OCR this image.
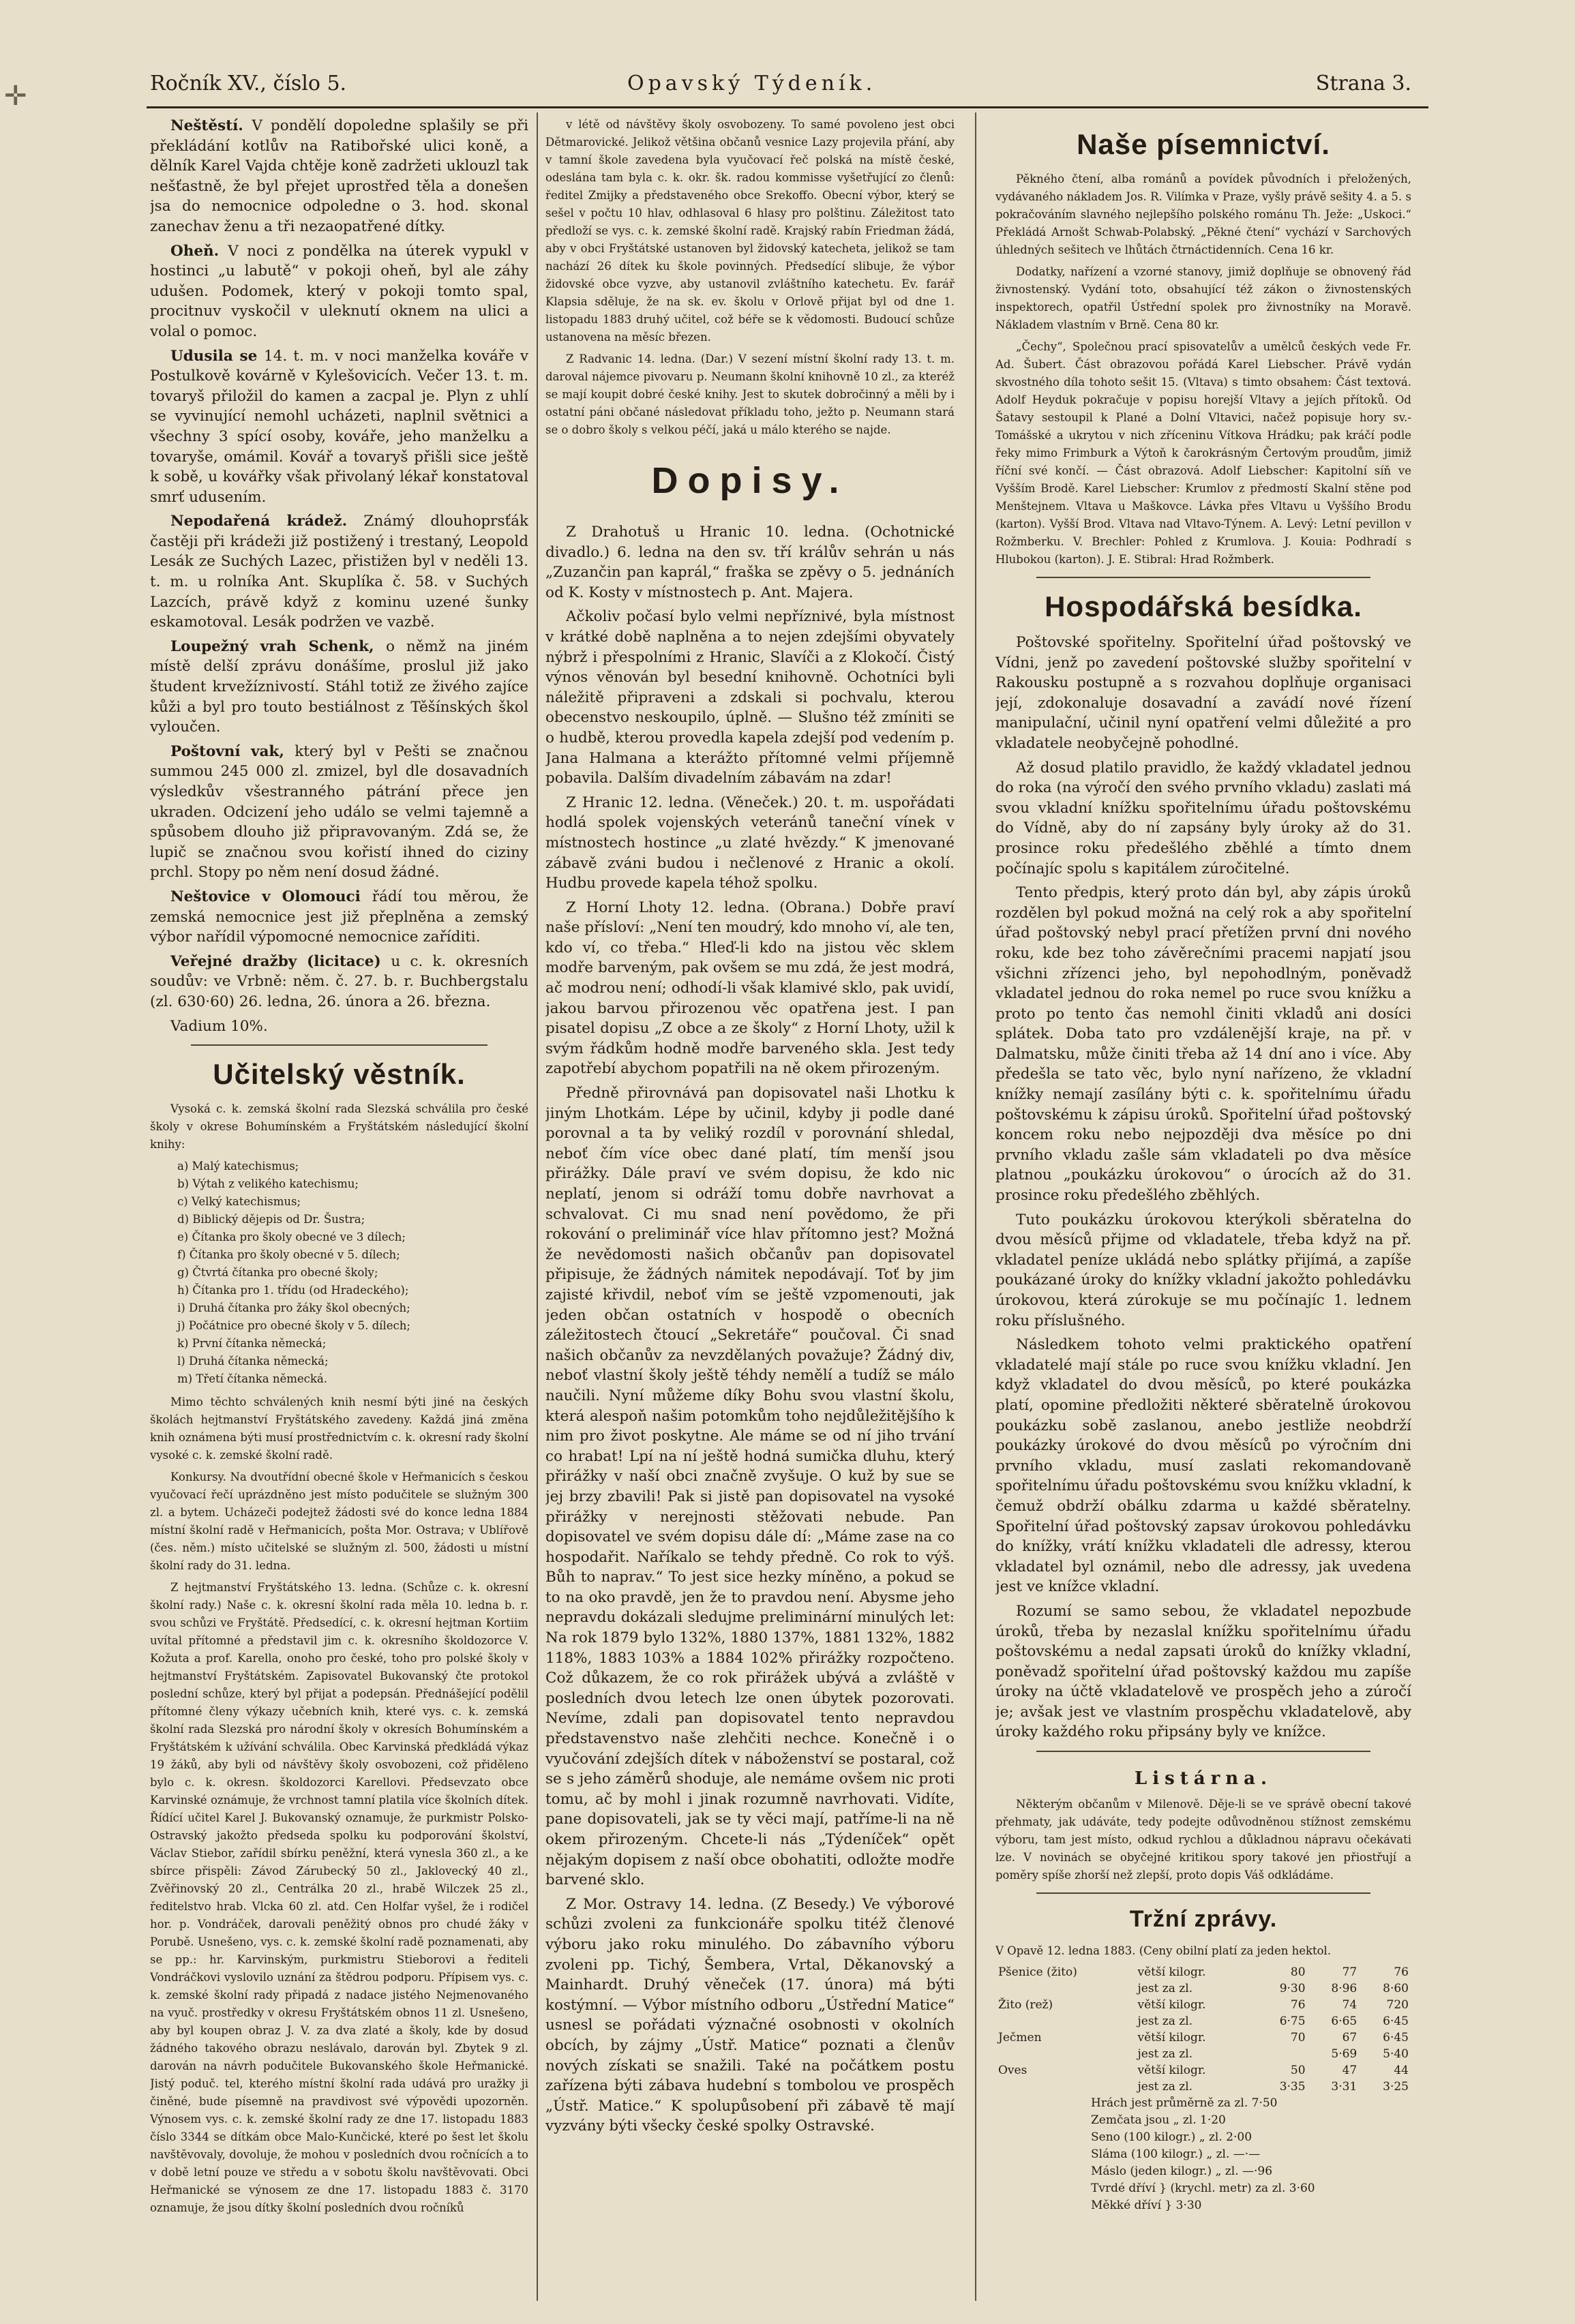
✛	Ročník XV., číslo 5.	Opavský Týdeník.	Strana 3.

Neštěstí. V pondělí dopoledne splašily se při překládání kotlův na Ratibořské ulici koně, a dělník Karel Vajda chtěje koně zadržeti uklouzl tak nešťastně, že byl přejet uprostřed těla a donešen jsa do nemocnice odpoledne o 3. hod. skonal zanechav ženu a tři nezaopatřené dítky.

Oheň. V noci z pondělka na úterek vypukl v hostinci „u labutě“ v pokoji oheň, byl ale záhy udušen. Podomek, který v pokoji tomto spal, procitnuv vyskočil v uleknutí oknem na ulici a volal o pomoc.

Udusila se 14. t. m. v noci manželka kováře v Postulkově kovárně v Kylešovicích. Večer 13. t. m. tovaryš přiložil do kamen a zacpal je. Plyn z uhlí se vyvinující nemohl ucházeti, naplnil světnici a všechny 3 spící osoby, kováře, jeho manželku a tovaryše, omámil. Kovář a tovaryš přišli sice ještě k sobě, u kovářky však přivolaný lékař konstatoval smrť udusením.

Nepodařená krádež. Známý dlouhoprsťák častěji při krádeži již postižený i trestaný, Leopold Lesák ze Suchých Lazec, přistižen byl v neděli 13. t. m. u rolníka Ant. Skuplíka č. 58. v Suchých Lazcích, právě když z kominu uzené šunky eskamotoval. Lesák podržen ve vazbě.

Loupežný vrah Schenk, o němž na jiném místě delší zprávu donášíme, proslul již jako študent krvežíznivostí. Stáhl totiž ze živého zajíce kůži a byl pro touto bestiálnost z Těšínských škol vyloučen.

Poštovní vak, který byl v Pešti se značnou summou 245 000 zl. zmizel, byl dle dosavadních výsledkův všestranného pátrání přece jen ukraden. Odcizení jeho událo se velmi tajemně a spůsobem dlouho již připravovaným. Zdá se, že lupič se značnou svou kořistí ihned do ciziny prchl. Stopy po něm není dosud žádné.

Neštovice v Olomouci řádí tou měrou, že zemská nemocnice jest již přeplněna a zemský výbor nařídil výpomocné nemocnice zaříditi.

Veřejné dražby (licitace) u c. k. okresních soudův: ve Vrbně: něm. č. 27. b. r. Buchbergstalu (zl. 630·60) 26. ledna, 26. února a 26. března.

Vadium 10%.

Učitelský věstník.

Vysoká c. k. zemská školní rada Slezská schválila pro české školy v okrese Bohumínském a Fryštátském následující školní knihy:

a) Malý katechismus;
b) Výtah z velikého katechismu;
c) Velký katechismus;
d) Biblický dějepis od Dr. Šustra;
e) Čítanka pro školy obecné ve 3 dílech;
f) Čítanka pro školy obecné v 5. dílech;
g) Čtvrtá čítanka pro obecné školy;
h) Čítanka pro 1. třídu (od Hradeckého);
i) Druhá čítanka pro žáky škol obecných;
j) Počátnice pro obecné školy v 5. dílech;
k) První čítanka německá;
l) Druhá čítanka německá;
m) Třetí čítanka německá.

Mimo těchto schválených knih nesmí býti jiné na českých školách hejtmanství Fryštátského zavedeny. Každá jiná změna knih oznámena býti musí prostřednictvím c. k. okresní rady školní vysoké c. k. zemské školní radě.

Konkursy. Na dvoutřídní obecné škole v Heřmanicích s českou vyučovací řečí uprázdněno jest místo podučitele se služným 300 zl. a bytem. Ucházeči podejtež žádosti své do konce ledna 1884 místní školní radě v Heřmanicích, pošta Mor. Ostrava; v Ublířově (čes. něm.) místo učitelské se služným zl. 500, žádosti u místní školní rady do 31. ledna.

Z hejtmanství Fryštátského 13. ledna. (Schůze c. k. okresní školní rady.) Naše c. k. okresní školní rada měla 10. ledna b. r. svou schůzi ve Fryštátě. Předsedící, c. k. okresní hejtman Kortiim uvítal přítomné a představil jim c. k. okresního školdozorce V. Kožuta a prof. Karella, onoho pro české, toho pro polské školy v hejtmanství Fryštátském. Zapisovatel Bukovanský čte protokol poslední schůze, který byl přijat a podepsán. Přednášející podělil přítomné členy výkazy učebních knih, které vys. c. k. zemská školní rada Slezská pro národní školy v okresích Bohumínském a Fryštátském k užívání schválila. Obec Karvinská předkládá výkaz 19 žáků, aby byli od návštěvy školy osvobozeni, což přiděleno bylo c. k. okresn. školdozorci Karellovi. Předsevzato obce Karvinské oznámuje, že vrchnost tamní platila více školních dítek. Řídící učitel Karel J. Bukovanský oznamuje, že purkmistr Polsko-Ostravský jakožto předseda spolku ku podporování školství, Václav Stiebor, zařídil sbírku peněžní, která vynesla 360 zl., a ke sbírce přispěli: Závod Zárubecký 50 zl., Jaklovecký 40 zl., Zvěřinovský 20 zl., Centrálka 20 zl., hrabě Wilczek 25 zl., ředitelstvo hrab. Vlcka 60 zl. atd. Cen Holfar vyšel, že i rodičel hor. p. Vondráček, darovali peněžitý obnos pro chudé žáky v Porubě. Usnešeno, vys. c. k. zemské školní radě poznamenati, aby se pp.: hr. Karvinským, purkmistru Stieborovi a řediteli Vondráčkovi vyslovilo uznání za štědrou podporu. Přípisem vys. c. k. zemské školní rady připadá z nadace jistého Nejmenovaného na vyuč. prostředky v okresu Fryštátském obnos 11 zl. Usnešeno, aby byl koupen obraz J. V. za dva zlaté a školy, kde by dosud žádného takového obrazu neslávalo, darován byl. Zbytek 9 zl. darován na návrh podučitele Bukovanského škole Heřmanické. Jistý poduč. tel, kterého místní školní rada udává pro uražky ji činěné, bude písemně na pravdivost své výpovědi upozorněn. Výnosem vys. c. k. zemské školní rady ze dne 17. listopadu 1883 číslo 3344 se dítkám obce Malo-Kunčické, které po šest let školu navštěvovaly, dovoluje, že mohou v posledních dvou ročnících a to v době letní pouze ve středu a v sobotu školu navštěvovati. Obci Heřmanické se výnosem ze dne 17. listopadu 1883 č. 3170 oznamuje, že jsou dítky školní posledních dvou ročníků

v létě od návštěvy školy osvobozeny. To samé povoleno jest obci Dětmarovické. Jelikož většina občanů vesnice Lazy projevila přání, aby v tamní škole zavedena byla vyučovací řeč polská na místě české, odeslána tam byla c. k. okr. šk. radou kommisse vyšetřující zo členů: ředitel Zmijky a představeného obce Srekoffo. Obecní výbor, který se sešel v počtu 10 hlav, odhlasoval 6 hlasy pro polštinu. Záležitost tato předloží se vys. c. k. zemské školní radě. Krajský rabín Friedman žádá, aby v obci Fryštátské ustanoven byl židovský katecheta, jelikož se tam nachází 26 dítek ku škole povinných. Předsedící slibuje, že výbor židovské obce vyzve, aby ustanovil zvláštního katechetu. Ev. farář Klapsia sděluje, že na sk. ev. školu v Orlově přijat byl od dne 1. listopadu 1883 druhý učitel, což béře se k vědomosti. Budoucí schůze ustanovena na měsíc březen.

Z Radvanic 14. ledna. (Dar.) V sezení místní školní rady 13. t. m. daroval nájemce pivovaru p. Neumann školní knihovně 10 zl., za kteréž se mají koupit dobré české knihy. Jest to skutek dobročinný a měli by i ostatní páni občané následovat příkladu toho, ježto p. Neumann stará se o dobro školy s velkou péčí, jaká u málo kterého se najde.

Dopisy.

Z Drahotuš u Hranic 10. ledna. (Ochotnické divadlo.) 6. ledna na den sv. tří králův sehrán u nás „Zuzančin pan kaprál,“ fraška se zpěvy o 5. jednáních od K. Kosty v místnostech p. Ant. Majera.

Ačkoliv počasí bylo velmi nepříznivé, byla místnost v krátké době naplněna a to nejen zdejšími obyvately nýbrž i přespolními z Hranic, Slavíči a z Klokočí. Čistý výnos věnován byl besední knihovně. Ochotníci byli náležitě připraveni a zdskali si pochvalu, kterou obecenstvo neskoupilo, úplně. — Slušno též zmíniti se o hudbě, kterou provedla kapela zdejší pod vedením p. Jana Halmana a kterážto přítomné velmi příjemně pobavila. Dalším divadelním zábavám na zdar!

Z Hranic 12. ledna. (Věneček.) 20. t. m. uspořádati hodlá spolek vojenských veteránů taneční vínek v místnostech hostince „u zlaté hvězdy.“ K jmenované zábavě zváni budou i nečlenové z Hranic a okolí. Hudbu provede kapela téhož spolku.

Z Horní Lhoty 12. ledna. (Obrana.) Dobře praví naše přísloví: „Není ten moudrý, kdo mnoho ví, ale ten, kdo ví, co třeba.“ Hleď-li kdo na jistou věc sklem modře barveným, pak ovšem se mu zdá, že jest modrá, ač modrou není; odhodí-li však klamivé sklo, pak uvidí, jakou barvou přirozenou věc opatřena jest. I pan pisatel dopisu „Z obce a ze školy“ z Horní Lhoty, užil k svým řádkům hodně modře barveného skla. Jest tedy zapotřebí abychom popatřili na ně okem přirozeným.

Předně přirovnává pan dopisovatel naši Lhotku k jiným Lhotkám. Lépe by učinil, kdyby ji podle dané porovnal a ta by veliký rozdíl v porovnání shledal, neboť čím více obec dané platí, tím menší jsou přirážky. Dále praví ve svém dopisu, že kdo nic neplatí, jenom si odráží tomu dobře navrhovat a schvalovat. Ci mu snad není povědomo, že při rokování o preliminář více hlav přítomno jest? Možná že nevědomosti našich občanův pan dopisovatel připisuje, že žádných námitek nepodávají. Toť by jim zajisté křivdil, neboť vím se ještě vzpomenouti, jak jeden občan ostatních v hospodě o obecních záležitostech čtoucí „Sekretáře“ poučoval. Či snad našich občanův za nevzdělaných považuje? Žádný div, neboť vlastní školy ještě téhdy nemělí a tudíž se málo naučili. Nyní můžeme díky Bohu svou vlastní školu, která alespoň našim potomkům toho nejdůležitějšího k nim pro život poskytne. Ale máme se od ní jiho trvání co hrabat! Lpí na ní ještě hodná sumička dluhu, který přirážky v naší obci značně zvyšuje. O kuž by sue se jej brzy zbavili! Pak si jistě pan dopisovatel na vysoké přirážky v nerejnosti stěžovati nebude. Pan dopisovatel ve svém dopisu dále dí: „Máme zase na co hospodařit. Naříkalo se tehdy předně. Co rok to výš. Bůh to naprav.“ To jest sice hezky míněno, a pokud se to na oko pravdě, jen že to pravdou není. Abysme jeho nepravdu dokázali sledujme preliminární minulých let: Na rok 1879 bylo 132%, 1880 137%, 1881 132%, 1882 118%, 1883 103% a 1884 102% přirážky rozpočteno. Což důkazem, že co rok přirážek ubývá a zvláště v posledních dvou letech lze onen úbytek pozorovati. Nevíme, zdali pan dopisovatel tento nepravdou představenstvo naše zlehčiti nechce. Konečně i o vyučování zdejších dítek v náboženství se postaral, což se s jeho záměrů shoduje, ale nemáme ovšem nic proti tomu, ač by mohl i jinak rozumně navrhovati. Vidíte, pane dopisovateli, jak se ty věci mají, patříme-li na ně okem přirozeným. Chcete-li nás „Týdeníček“ opět nějakým dopisem z naší obce obohatiti, odložte modře barvené sklo.

Z Mor. Ostravy 14. ledna. (Z Besedy.) Ve výborové schůzi zvoleni za funkcionáře spolku titéž členové výboru jako roku minulého. Do zábavního výboru zvoleni pp. Tichý, Šembera, Vrtal, Děkanovský a Mainhardt. Druhý věneček (17. února) má býti kostýmní. — Výbor místního odboru „Ústřední Matice“ usnesl se pořádati význačné osobnosti v okolních obcích, by zájmy „Ústř. Matice“ poznati a členův nových získati se snažili. Také na počátkem postu zařízena býti zábava hudební s tombolou ve prospěch „Ústř. Matice.“ K spolupůsobení při zábavě tě mají vyzvány býti všecky české spolky Ostravské.

Naše písemnictví.

Pěkného čtení, alba románů a povídek původních i přeložených, vydávaného nákladem Jos. R. Vilímka v Praze, vyšly právě sešity 4. a 5. s pokračováním slavného nejlepšího polského románu Th. Ježe: „Uskoci.“ Překládá Arnošt Schwab-Polabský. „Pěkné čtení“ vychází v Sarchových úhledných sešitech ve lhůtách čtrnáctidenních. Cena 16 kr.

Dodatky, nařízení a vzorné stanovy, jimiž doplňuje se obnovený řád živnostenský. Vydání toto, obsahující též zákon o živnostenských inspektorech, opatřil Ústřední spolek pro živnostníky na Moravě. Nákladem vlastním v Brně. Cena 80 kr.

„Čechy“, Společnou prací spisovatelův a umělců českých vede Fr. Ad. Šubert. Část obrazovou pořádá Karel Liebscher. Právě vydán skvostného díla tohoto sešit 15. (Vltava) s timto obsahem: Část textová. Adolf Heyduk pokračuje v popisu horejší Vltavy a jejích přítoků. Od Šatavy sestoupil k Plané a Dolní Vltavici, načež popisuje hory sv.-Tomášské a ukrytou v nich zříceninu Vítkova Hrádku; pak kráčí podle řeky mimo Frimburk a Výtoň k čarokrásným Čertovým proudům, jimiž říční své končí. — Část obrazová. Adolf Liebscher: Kapitolní síň ve Vyšším Brodě. Karel Liebscher: Krumlov z předmostí Skalní stěne pod Menštejnem. Vltava u Maškovce. Lávka přes Vltavu u Vyššího Brodu (karton). Vyšší Brod. Vltava nad Vltavo-Týnem. A. Levý: Letní pevillon v Rožmberku. V. Brechler: Pohled z Krumlova. J. Kouia: Podhradí s Hlubokou (karton). J. E. Stibral: Hrad Rožmberk.

Hospodářská besídka.

Poštovské spořitelny. Spořitelní úřad poštovský ve Vídni, jenž po zavedení poštovské služby spořitelní v Rakousku postupně a s rozvahou doplňuje organisaci její, zdokonaluje dosavadní a zavádí nové řízení manipulační, učinil nyní opatření velmi důležité a pro vkladatele neobyčejně pohodlné.

Až dosud platilo pravidlo, že každý vkladatel jednou do roka (na výročí den svého prvního vkladu) zaslati má svou vkladní knížku spořitelnímu úřadu poštovskému do Vídně, aby do ní zapsány byly úroky až do 31. prosince roku předešlého zběhlé a tímto dnem počínajíc spolu s kapitálem zúročitelné.

Tento předpis, který proto dán byl, aby zápis úroků rozdělen byl pokud možná na celý rok a aby spořitelní úřad poštovský nebyl prací přetížen první dni nového roku, kde bez toho závěrečními pracemi napjatí jsou všichni zřízenci jeho, byl nepohodlným, poněvadž vkladatel jednou do roka nemel po ruce svou knížku a proto po tento čas nemohl činiti vkladů ani dosíci splátek. Doba tato pro vzdálenější kraje, na př. v Dalmatsku, může činiti třeba až 14 dní ano i více. Aby předešla se tato věc, bylo nyní nařízeno, že vkladní knížky nemají zasílány býti c. k. spořitelnímu úřadu poštovskému k zápisu úroků. Spořitelní úřad poštovský koncem roku nebo nejpozději dva měsíce po dni prvního vkladu zašle sám vkladateli po dva měsíce platnou „poukázku úrokovou“ o úrocích až do 31. prosince roku předešlého zběhlých.

Tuto poukázku úrokovou kterýkoli sběratelna do dvou měsíců přijme od vkladatele, třeba když na př. vkladatel peníze ukládá nebo splátky přijímá, a zapíše poukázané úroky do knížky vkladní jakožto pohledávku úrokovou, která zúrokuje se mu počínajíc 1. lednem roku příslušného.

Následkem tohoto velmi praktického opatření vkladatelé mají stále po ruce svou knížku vkladní. Jen když vkladatel do dvou měsíců, po které poukázka platí, opomine předložiti některé sběratelně úrokovou poukázku sobě zaslanou, anebo jestliže neobdrží poukázky úrokové do dvou měsíců po výročním dni prvního vkladu, musí zaslati rekomandovaně spořitelnímu úřadu poštovskému svou knížku vkladní, k čemuž obdrží obálku zdarma u každé sběratelny. Spořitelní úřad poštovský zapsav úrokovou pohledávku do knížky, vrátí knížku vkladateli dle adressy, kterou vkladatel byl oznámil, nebo dle adressy, jak uvedena jest ve knížce vkladní.

Rozumí se samo sebou, že vkladatel nepozbude úroků, třeba by nezaslal knížku spořitelnímu úřadu poštovskému a nedal zapsati úroků do knížky vkladní, poněvadž spořitelní úřad poštovský každou mu zapíše úroky na účtě vkladatelově ve prospěch jeho a zúročí je; avšak jest ve vlastním prospěchu vkladatelově, aby úroky každého roku připsány byly ve knížce.

Listárna.

Některým občanům v Milenově. Děje-li se ve správě obecní takové přehmaty, jak udáváte, tedy podejte odůvodněnou stížnost zemskému výboru, tam jest místo, odkud rychlou a důkladnou nápravu očekávati lze. V novinách se obyčejné kritikou spory takové jen přiostřují a poměry spíše zhorší než zlepší, proto dopis Váš odkládáme.

Tržní zprávy.

V Opavě 12. ledna 1883. (Ceny obilní platí za jeden hektol.

Pšenice (žito)	větší kilogr.	80	77	76
	jest za zl.	9·30	8·96	8·60
Žito (rež)	větší kilogr.	76	74	720
	jest za zl.	6·75	6·65	6·45
Ječmen	větší kilogr.	70	67	6·45
	jest za zl.		5·69	5·40
Oves	větší kilogr.	50	47	44
	jest za zl.	3·35	3·31	3·25
Hrách jest průměrně za zl. 7·50
Zemčata jsou „ zl. 1·20
Seno (100 kilogr.) „ zl. 2·00
Sláma (100 kilogr.) „ zl. —·—
Máslo (jeden kilogr.) „ zl. —·96
Tvrdé dříví } (krychl. metr) za zl. 3·60
Měkké dříví } 3·30
